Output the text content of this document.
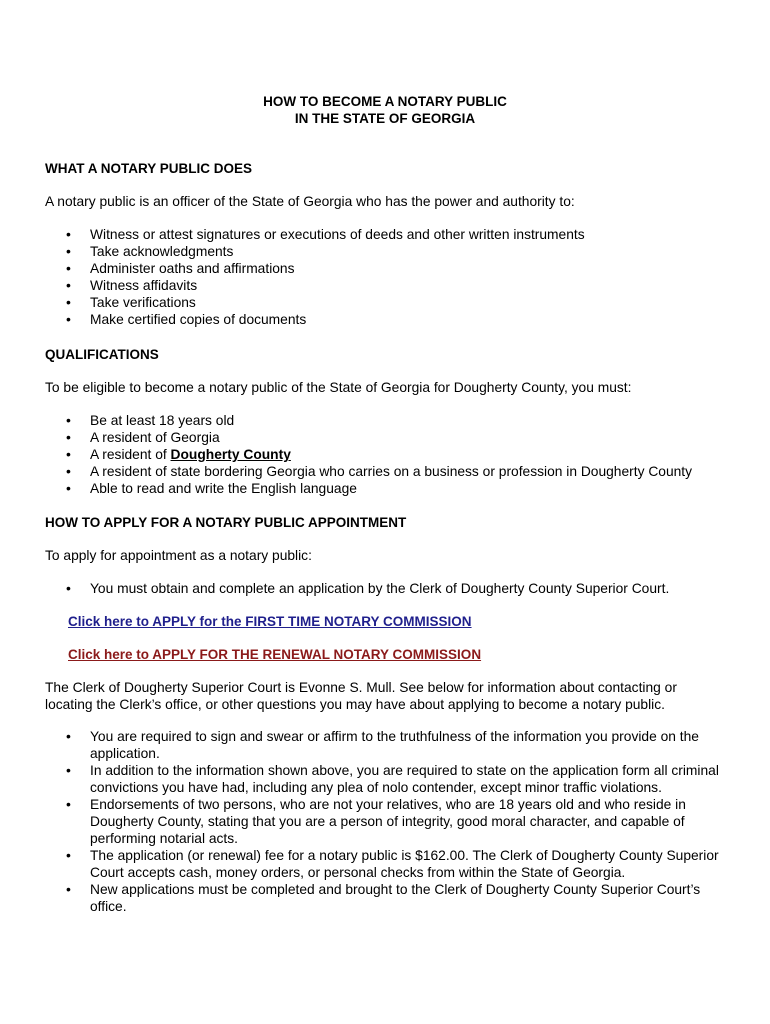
HOW TO BECOME A NOTARY PUBLIC
IN THE STATE OF GEORGIA
WHAT A NOTARY PUBLIC DOES
A notary public is an officer of the State of Georgia who has the power and authority to:
• Witness or attest signatures or executions of deeds and other written instruments
• Take acknowledgments
• Administer oaths and affirmations
• Witness affidavits
• Take verifications
• Make certified copies of documents
QUALIFICATIONS
To be eligible to become a notary public of the State of Georgia for Dougherty County, you must:
• Be at least 18 years old
• A resident of Georgia
• A resident of Dougherty County
• A resident of state bordering Georgia who carries on a business or profession in Dougherty County
• Able to read and write the English language
HOW TO APPLY FOR A NOTARY PUBLIC APPOINTMENT
To apply for appointment as a notary public:
• You must obtain and complete an application by the Clerk of Dougherty County Superior Court.
Click here to APPLY for the FIRST TIME NOTARY COMMISSION
Click here to APPLY FOR THE RENEWAL NOTARY COMMISSION
The Clerk of Dougherty Superior Court is Evonne S. Mull. See below for information about contacting or locating the Clerk’s office, or other questions you may have about applying to become a notary public.
• You are required to sign and swear or affirm to the truthfulness of the information you provide on the application.
• In addition to the information shown above, you are required to state on the application form all criminal convictions you have had, including any plea of nolo contender, except minor traffic violations.
• Endorsements of two persons, who are not your relatives, who are 18 years old and who reside in Dougherty County, stating that you are a person of integrity, good moral character, and capable of performing notarial acts.
• The application (or renewal) fee for a notary public is $162.00. The Clerk of Dougherty County Superior Court accepts cash, money orders, or personal checks from within the State of Georgia.
• New applications must be completed and brought to the Clerk of Dougherty County Superior Court’s office.
